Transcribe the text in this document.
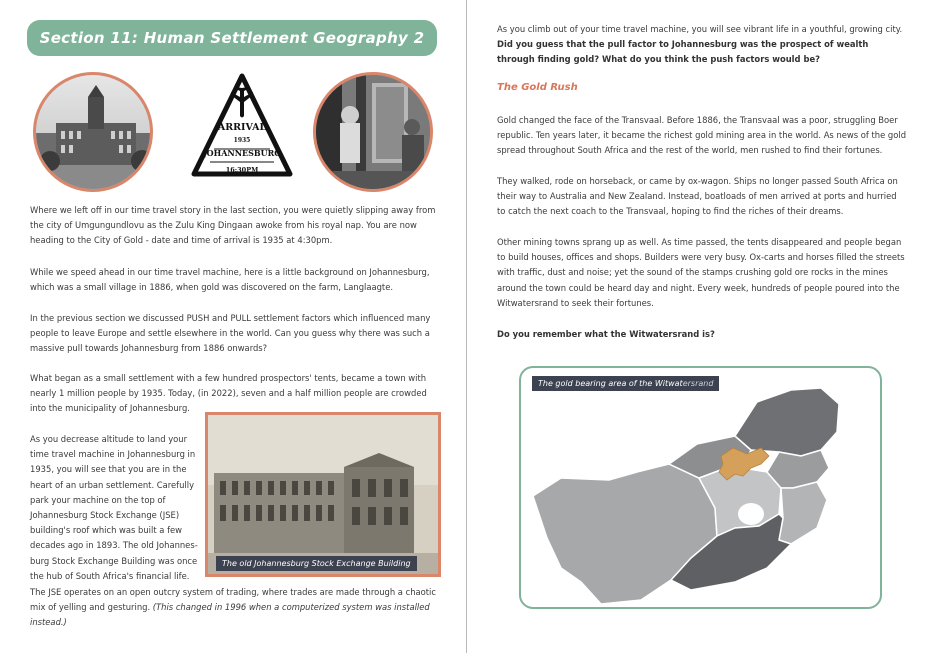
Section 11: Human Settlement Geography 2
ARRIVAL
1935
JOHANNESBURG
16:30PM

Where we left off in our time travel story in the last section, you were quietly slipping away from the city of Umgungundlovu as the Zulu King Dingaan awoke from his royal nap. You are now heading to the City of Gold - date and time of arrival is 1935 at 4:30pm.

While we speed ahead in our time travel machine, here is a little background on Johannesburg, which was a small village in 1886, when gold was discovered on the farm, Langlaagte.

In the previous section we discussed PUSH and PULL settlement factors which influenced many people to leave Europe and settle elsewhere in the world. Can you guess why there was such a massive pull towards Johannesburg from 1886 onwards?

What began as a small settlement with a few hundred prospectors' tents, became a town with nearly 1 million people by 1935. Today, (in 2022), seven and a half million people are crowded into the municipality of Johannesburg.

As you decrease altitude to land your time travel machine in Johannesburg in 1935, you will see that you are in the heart of an urban settlement. Carefully park your machine on the top of Johannesburg Stock Exchange (JSE) building's roof which was built a few decades ago in 1893. The old Johannes-burg Stock Exchange Building was once the hub of South Africa's financial life.

The JSE operates on an open outcry system of trading, where trades are made through a chaotic mix of yelling and gesturing. (This changed in 1996 when a computerized system was installed instead.)

The old Johannesburg Stock Exchange Building

As you climb out of your time travel machine, you will see vibrant life in a youthful, growing city. Did you guess that the pull factor to Johannesburg was the prospect of wealth through finding gold? What do you think the push factors would be?

The Gold Rush

Gold changed the face of the Transvaal. Before 1886, the Transvaal was a poor, struggling Boer republic. Ten years later, it became the richest gold mining area in the world. As news of the gold spread throughout South Africa and the rest of the world, men rushed to find their fortunes.

They walked, rode on horseback, or came by ox-wagon. Ships no longer passed South Africa on their way to Australia and New Zealand. Instead, boatloads of men arrived at ports and hurried to catch the next coach to the Transvaal, hoping to find the riches of their dreams.

Other mining towns sprang up as well. As time passed, the tents disappeared and people began to build houses, offices and shops. Builders were very busy. Ox-carts and horses filled the streets with traffic, dust and noise; yet the sound of the stamps crushing gold ore rocks in the mines around the town could be heard day and night. Every week, hundreds of people poured into the Witwatersrand to seek their fortunes.

Do you remember what the Witwatersrand is?

The gold bearing area of the Witwatersrand
